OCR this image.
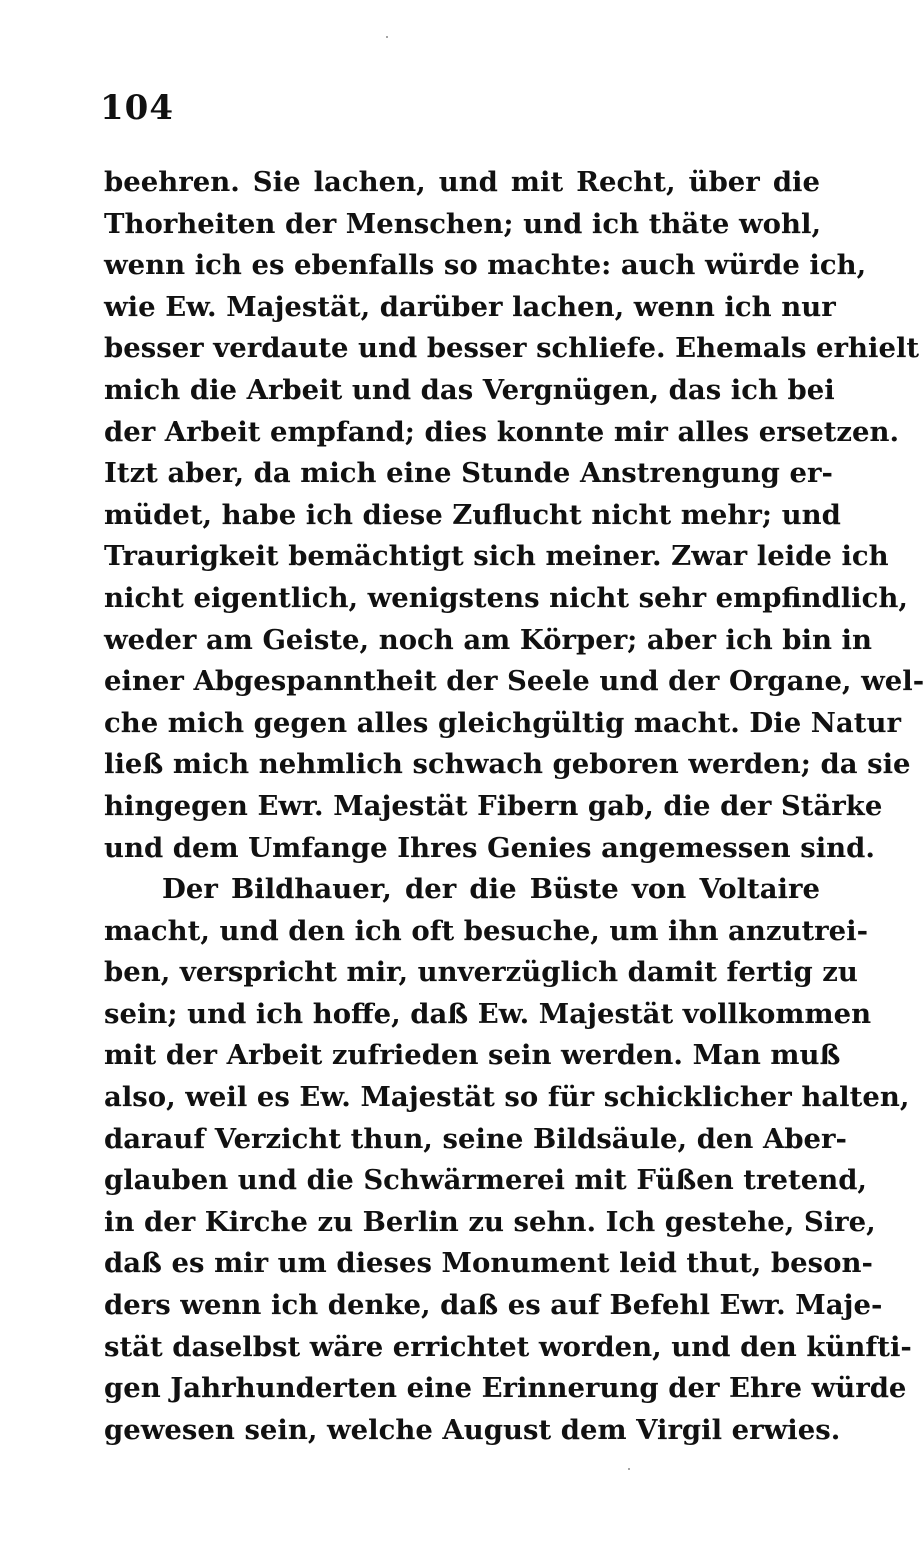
104
beehren. Sie lachen, und mit Recht, über die
Thorheiten der Menschen; und ich thäte wohl,
wenn ich es ebenfalls so machte: auch würde ich,
wie Ew. Majestät, darüber lachen, wenn ich nur
besser verdaute und besser schliefe. Ehemals erhielt
mich die Arbeit und das Vergnügen, das ich bei
der Arbeit empfand; dies konnte mir alles ersetzen.
Itzt aber, da mich eine Stunde Anstrengung er-
müdet, habe ich diese Zuflucht nicht mehr; und
Traurigkeit bemächtigt sich meiner. Zwar leide ich
nicht eigentlich, wenigstens nicht sehr empfindlich,
weder am Geiste, noch am Körper; aber ich bin in
einer Abgespanntheit der Seele und der Organe, wel-
che mich gegen alles gleichgültig macht. Die Natur
ließ mich nehmlich schwach geboren werden; da sie
hingegen Ewr. Majestät Fibern gab, die der Stärke
und dem Umfange Ihres Genies angemessen sind.
Der Bildhauer, der die Büste von Voltaire
macht, und den ich oft besuche, um ihn anzutrei-
ben, verspricht mir, unverzüglich damit fertig zu
sein; und ich hoffe, daß Ew. Majestät vollkommen
mit der Arbeit zufrieden sein werden. Man muß
also, weil es Ew. Majestät so für schicklicher halten,
darauf Verzicht thun, seine Bildsäule, den Aber-
glauben und die Schwärmerei mit Füßen tretend,
in der Kirche zu Berlin zu sehn. Ich gestehe, Sire,
daß es mir um dieses Monument leid thut, beson-
ders wenn ich denke, daß es auf Befehl Ewr. Maje-
stät daselbst wäre errichtet worden, und den künfti-
gen Jahrhunderten eine Erinnerung der Ehre würde
gewesen sein, welche August dem Virgil erwies.
